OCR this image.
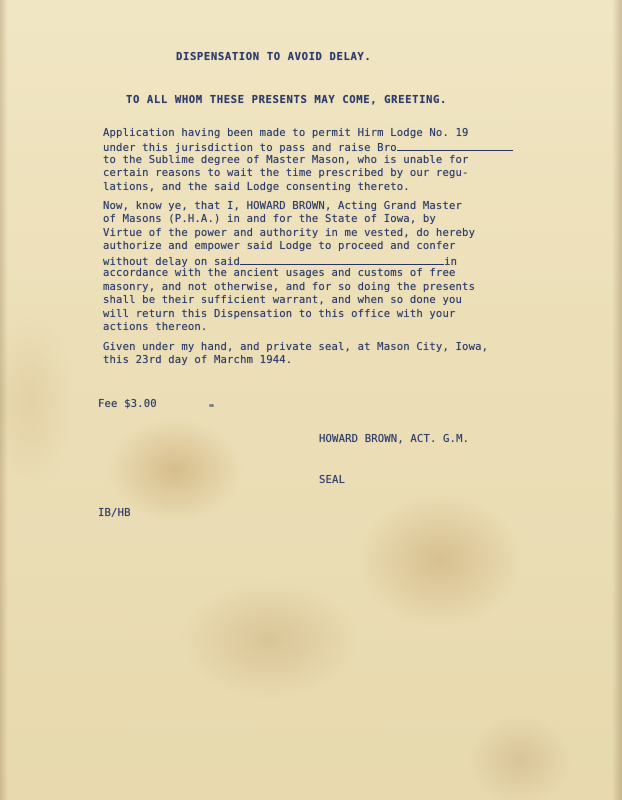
DISPENSATION TO AVOID DELAY.

TO ALL WHOM THESE PRESENTS MAY COME, GREETING.

Application having been made to permit Hirm Lodge No. 19

under this jurisdiction to pass and raise Bro

to the Sublime degree of Master Mason, who is unable for

certain reasons to wait the time prescribed by our regu-

lations, and the said Lodge consenting thereto.

Now, know ye, that I, HOWARD BROWN, Acting Grand Master

of Masons (P.H.A.) in and for the State of Iowa, by

Virtue of the power and authority in me vested, do hereby

authorize and empower said Lodge to proceed and confer

without delay on said	in

accordance with the ancient usages and customs of free

masonry, and not otherwise, and for so doing the presents

shall be their sufficient warrant, and when so done you

will return this Dispensation to this office with your

actions thereon.

Given under my hand, and private seal, at Mason City, Iowa,

this 23rd day of Marchm 1944.

Fee $3.00

HOWARD BROWN, ACT. G.M.

SEAL

IB/HB
